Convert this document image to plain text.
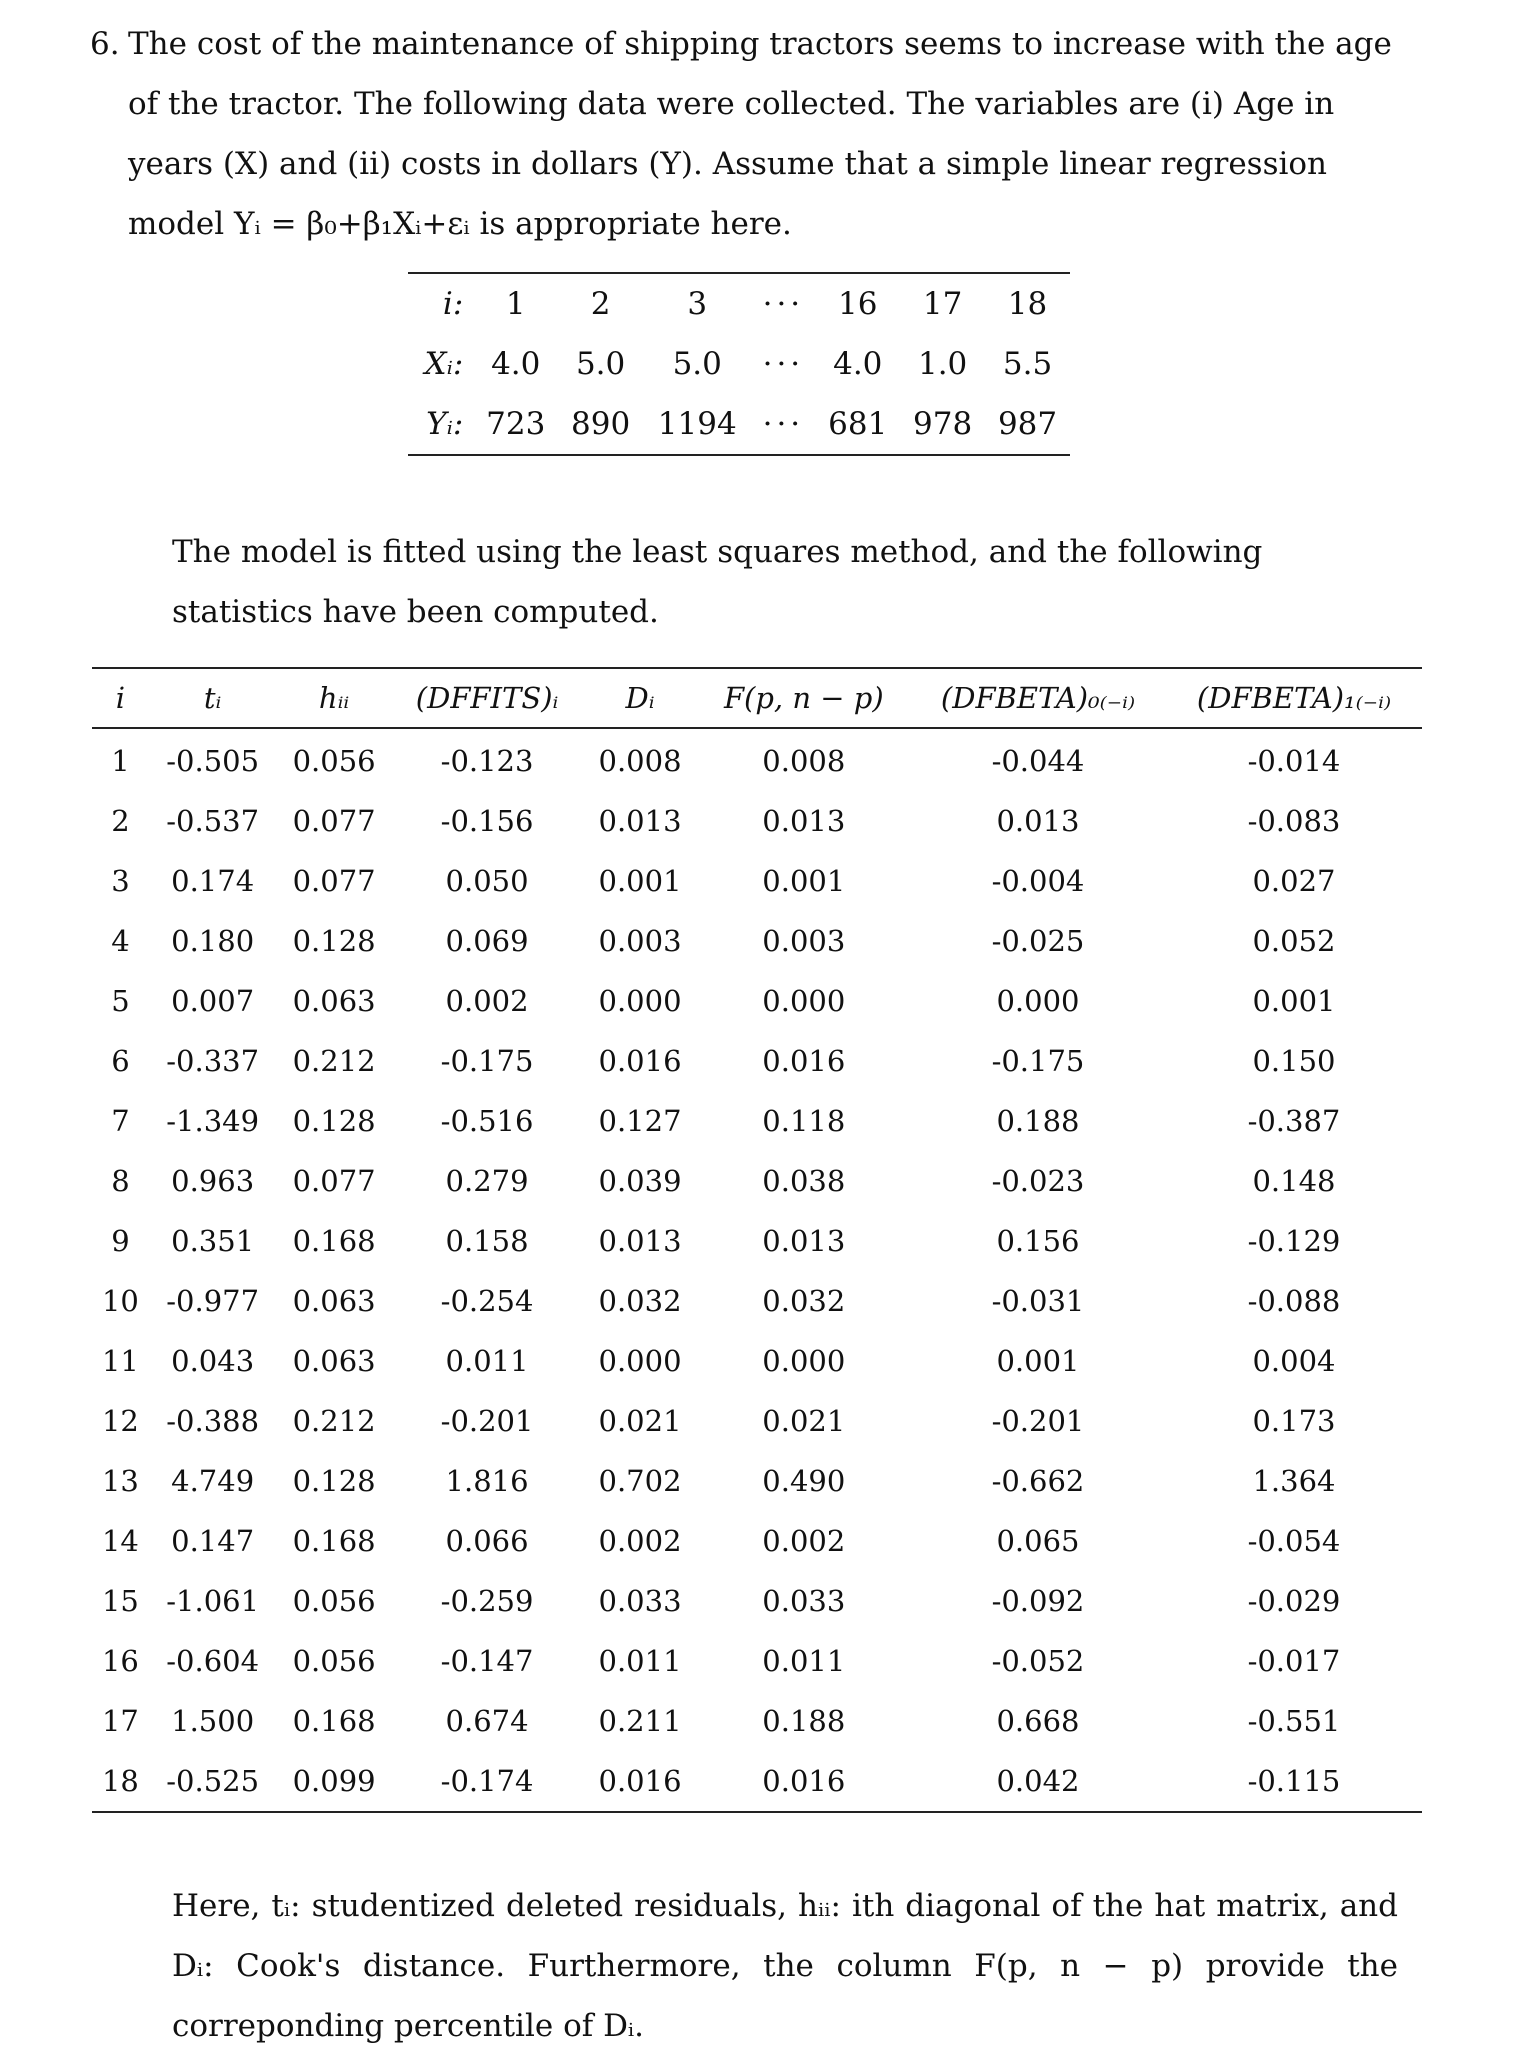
6. The cost of the maintenance of shipping tractors seems to increase with the age of the tractor. The following data were collected. The variables are (i) Age in years (X) and (ii) costs in dollars (Y). Assume that a simple linear regression model Yᵢ = β₀+β₁Xᵢ+εᵢ is appropriate here.
i:	1	2	3	···	16	17	18
Xᵢ:	4.0	5.0	5.0	···	4.0	1.0	5.5
Yᵢ:	723	890	1194	···	681	978	987
The model is fitted using the least squares method, and the following statistics have been computed.
i	tᵢ	hᵢᵢ	(DFFITS)ᵢ	Dᵢ	F(p, n − p)	(DFBETA)₀₍₋ᵢ₎	(DFBETA)₁₍₋ᵢ₎
1	-0.505	0.056	-0.123	0.008	0.008	-0.044	-0.014
2	-0.537	0.077	-0.156	0.013	0.013	0.013	-0.083
3	0.174	0.077	0.050	0.001	0.001	-0.004	0.027
4	0.180	0.128	0.069	0.003	0.003	-0.025	0.052
5	0.007	0.063	0.002	0.000	0.000	0.000	0.001
6	-0.337	0.212	-0.175	0.016	0.016	-0.175	0.150
7	-1.349	0.128	-0.516	0.127	0.118	0.188	-0.387
8	0.963	0.077	0.279	0.039	0.038	-0.023	0.148
9	0.351	0.168	0.158	0.013	0.013	0.156	-0.129
10	-0.977	0.063	-0.254	0.032	0.032	-0.031	-0.088
11	0.043	0.063	0.011	0.000	0.000	0.001	0.004
12	-0.388	0.212	-0.201	0.021	0.021	-0.201	0.173
13	4.749	0.128	1.816	0.702	0.490	-0.662	1.364
14	0.147	0.168	0.066	0.002	0.002	0.065	-0.054
15	-1.061	0.056	-0.259	0.033	0.033	-0.092	-0.029
16	-0.604	0.056	-0.147	0.011	0.011	-0.052	-0.017
17	1.500	0.168	0.674	0.211	0.188	0.668	-0.551
18	-0.525	0.099	-0.174	0.016	0.016	0.042	-0.115
Here, tᵢ: studentized deleted residuals, hᵢᵢ: ith diagonal of the hat matrix, and Dᵢ: Cook's distance. Furthermore, the column F(p, n − p) provide the correponding percentile of Dᵢ.
